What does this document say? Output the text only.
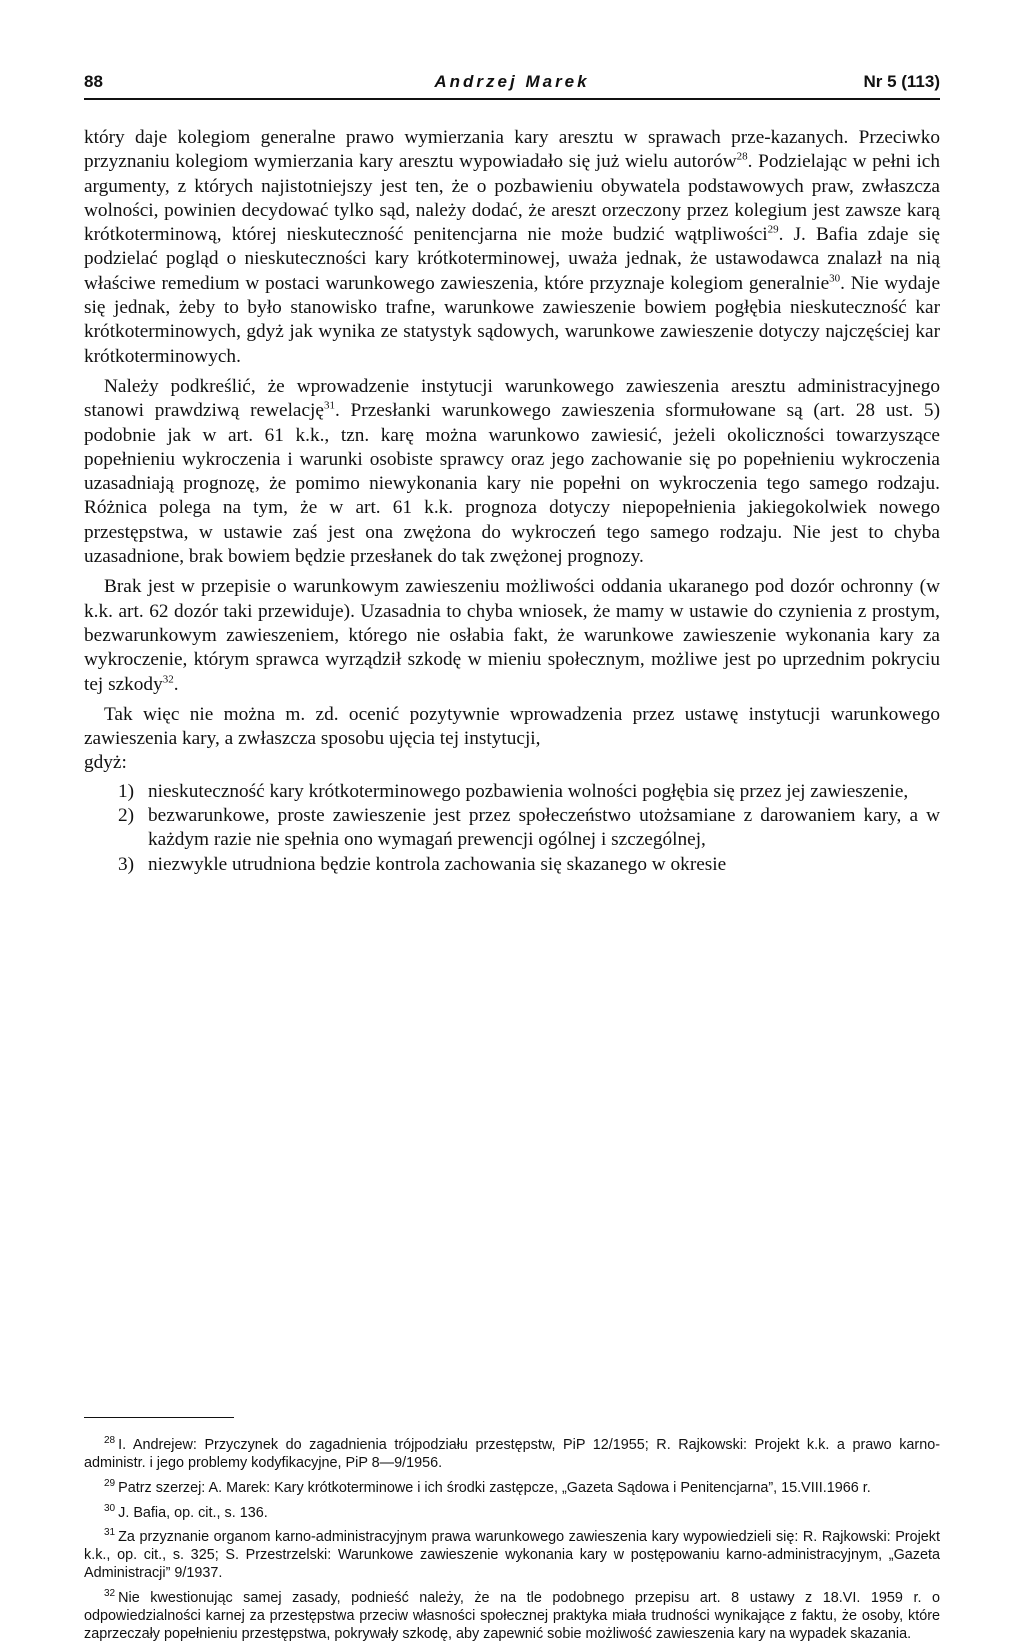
88	Andrzej Marek	Nr 5 (113)

który daje kolegiom generalne prawo wymierzania kary aresztu w sprawach prze-kazanych. Przeciwko przyznaniu kolegiom wymierzania kary aresztu wypowiadało się już wielu autorów$^{28}$. Podzielając w pełni ich argumenty, z których najistotniejszy jest ten, że o pozbawieniu obywatela podstawowych praw, zwłaszcza wolności, powinien decydować tylko sąd, należy dodać, że areszt orzeczony przez kolegium jest zawsze karą krótkoterminową, której nieskuteczność penitencjarna nie może budzić wątpliwości$^{29}$. J. Bafia zdaje się podzielać pogląd o nieskuteczności kary krótkoterminowej, uważa jednak, że ustawodawca znalazł na nią właściwe remedium w postaci warunkowego zawieszenia, które przyznaje kolegiom generalnie$^{30}$. Nie wydaje się jednak, żeby to było stanowisko trafne, warunkowe zawieszenie bowiem pogłębia nieskuteczność kar krótkoterminowych, gdyż jak wynika ze statystyk sądowych, warunkowe zawieszenie dotyczy najczęściej kar krótkoterminowych.

Należy podkreślić, że wprowadzenie instytucji warunkowego zawieszenia aresztu administracyjnego stanowi prawdziwą rewelację$^{31}$. Przesłanki warunkowego zawieszenia sformułowane są (art. 28 ust. 5) podobnie jak w art. 61 k.k., tzn. karę można warunkowo zawiesić, jeżeli okoliczności towarzyszące popełnieniu wykroczenia i warunki osobiste sprawcy oraz jego zachowanie się po popełnieniu wykroczenia uzasadniają prognozę, że pomimo niewykonania kary nie popełni on wykroczenia tego samego rodzaju. Różnica polega na tym, że w art. 61 k.k. prognoza dotyczy niepopełnienia jakiegokolwiek nowego przestępstwa, w ustawie zaś jest ona zwężona do wykroczeń tego samego rodzaju. Nie jest to chyba uzasadnione, brak bowiem będzie przesłanek do tak zwężonej prognozy.

Brak jest w przepisie o warunkowym zawieszeniu możliwości oddania ukaranego pod dozór ochronny (w k.k. art. 62 dozór taki przewiduje). Uzasadnia to chyba wniosek, że mamy w ustawie do czynienia z prostym, bezwarunkowym zawieszeniem, którego nie osłabia fakt, że warunkowe zawieszenie wykonania kary za wykroczenie, którym sprawca wyrządził szkodę w mieniu społecznym, możliwe jest po uprzednim pokryciu tej szkody$^{32}$.

Tak więc nie można m. zd. ocenić pozytywnie wprowadzenia przez ustawę instytucji warunkowego zawieszenia kary, a zwłaszcza sposobu ujęcia tej instytucji,

gdyż:

1) nieskuteczność kary krótkoterminowego pozbawienia wolności pogłębia się przez jej zawieszenie,
2) bezwarunkowe, proste zawieszenie jest przez społeczeństwo utożsamiane z darowaniem kary, a w każdym razie nie spełnia ono wymagań prewencji ogólnej i szczególnej,
3) niezwykle utrudniona będzie kontrola zachowania się skazanego w okresie

$^{28}$ I. Andrejew: Przyczynek do zagadnienia trójpodziału przestępstw, PiP 12/1955; R. Rajkowski: Projekt k.k. a prawo karno-administr. i jego problemy kodyfikacyjne, PiP 8—9/1956.

$^{29}$ Patrz szerzej: A. Marek: Kary krótkoterminowe i ich środki zastępcze, „Gazeta Sądowa i Penitencjarna”, 15.VIII.1966 r.

$^{30}$ J. Bafia, op. cit., s. 136.

$^{31}$ Za przyznanie organom karno-administracyjnym prawa warunkowego zawieszenia kary wypowiedzieli się: R. Rajkowski: Projekt k.k., op. cit., s. 325; S. Przestrzelski: Warunkowe zawieszenie wykonania kary w postępowaniu karno-administracyjnym, „Gazeta Administracji” 9/1937.

$^{32}$ Nie kwestionując samej zasady, podnieść należy, że na tle podobnego przepisu art. 8 ustawy z 18.VI. 1959 r. o odpowiedzialności karnej za przestępstwa przeciw własności społecznej praktyka miała trudności wynikające z faktu, że osoby, które zaprzeczały popełnieniu przestępstwa, pokrywały szkodę, aby zapewnić sobie możliwość zawieszenia kary na wypadek skazania.
